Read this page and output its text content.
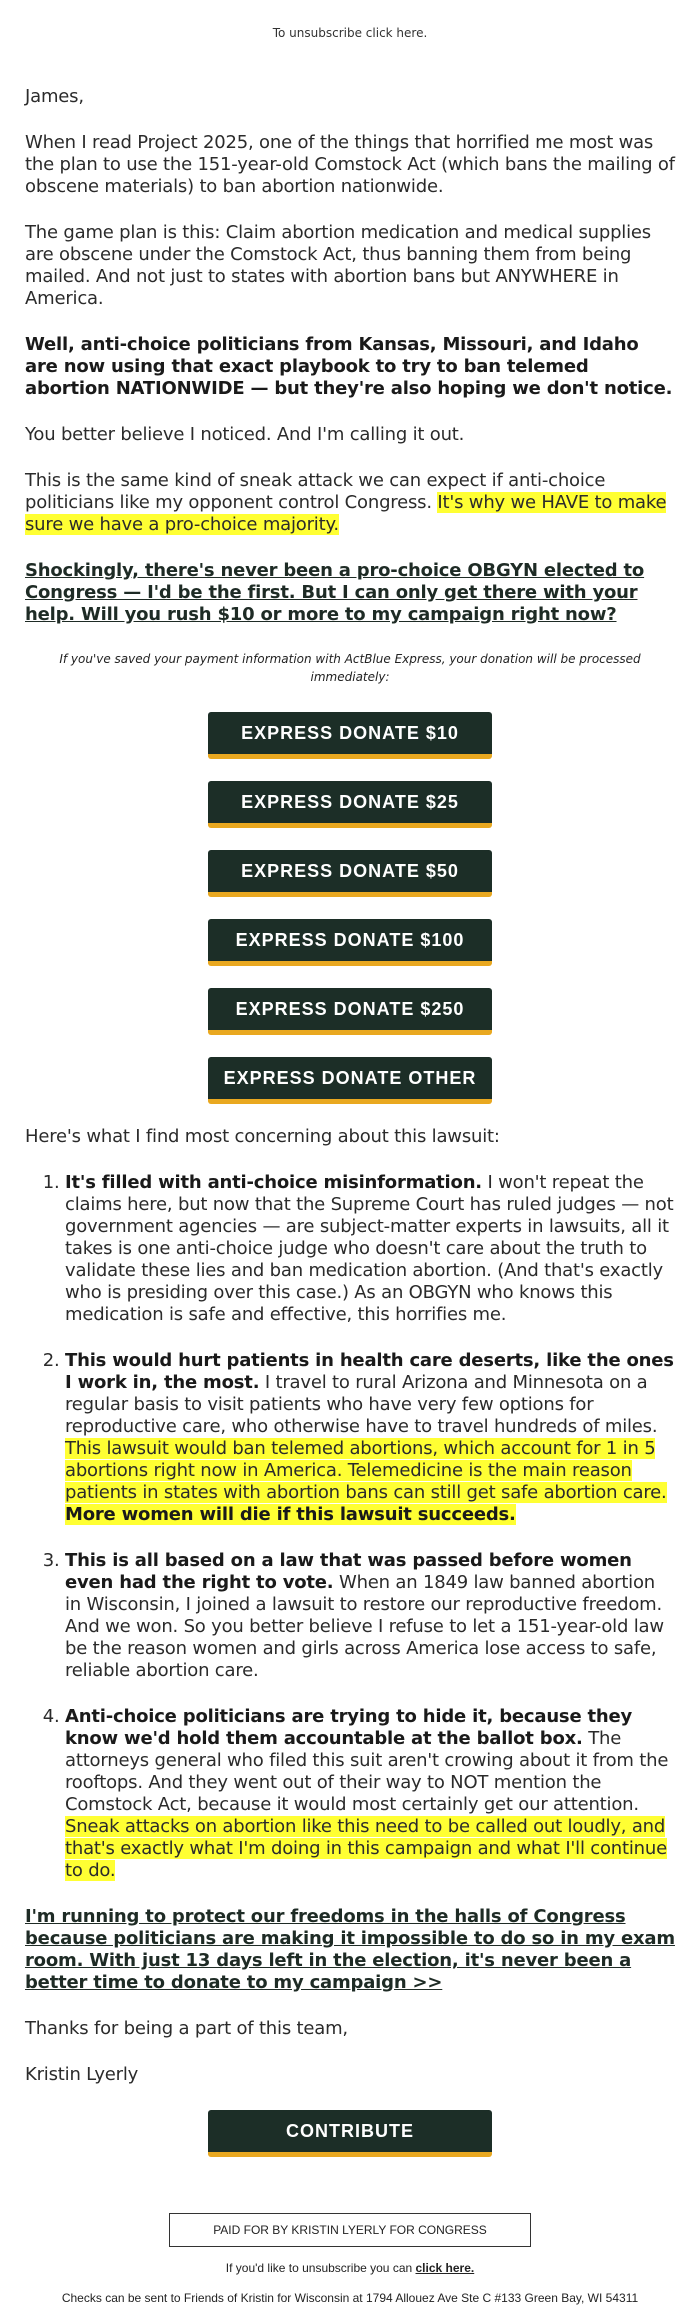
To unsubscribe click here.

James,

When I read Project 2025, one of the things that horrified me most was the plan to use the 151-year-old Comstock Act (which bans the mailing of obscene materials) to ban abortion nationwide.

The game plan is this: Claim abortion medication and medical supplies are obscene under the Comstock Act, thus banning them from being mailed. And not just to states with abortion bans but ANYWHERE in America.

Well, anti-choice politicians from Kansas, Missouri, and Idaho are now using that exact playbook to try to ban telemed abortion NATIONWIDE — but they're also hoping we don't notice.

You better believe I noticed. And I'm calling it out.

This is the same kind of sneak attack we can expect if anti-choice politicians like my opponent control Congress. It's why we HAVE to make sure we have a pro-choice majority.

Shockingly, there's never been a pro-choice OBGYN elected to Congress — I'd be the first. But I can only get there with your help. Will you rush $10 or more to my campaign right now?

If you've saved your payment information with ActBlue Express, your donation will be processed immediately:
EXPRESS DONATE $10
EXPRESS DONATE $25
EXPRESS DONATE $50
EXPRESS DONATE $100
EXPRESS DONATE $250
EXPRESS DONATE OTHER

Here's what I find most concerning about this lawsuit:

1. It's filled with anti-choice misinformation. I won't repeat the claims here, but now that the Supreme Court has ruled judges — not government agencies — are subject-matter experts in lawsuits, all it takes is one anti-choice judge who doesn't care about the truth to validate these lies and ban medication abortion. (And that's exactly who is presiding over this case.) As an OBGYN who knows this medication is safe and effective, this horrifies me.
2. This would hurt patients in health care deserts, like the ones I work in, the most. I travel to rural Arizona and Minnesota on a regular basis to visit patients who have very few options for reproductive care, who otherwise have to travel hundreds of miles. This lawsuit would ban telemed abortions, which account for 1 in 5 abortions right now in America. Telemedicine is the main reason patients in states with abortion bans can still get safe abortion care. More women will die if this lawsuit succeeds.
3. This is all based on a law that was passed before women even had the right to vote. When an 1849 law banned abortion in Wisconsin, I joined a lawsuit to restore our reproductive freedom. And we won. So you better believe I refuse to let a 151-year-old law be the reason women and girls across America lose access to safe, reliable abortion care.
4. Anti-choice politicians are trying to hide it, because they know we'd hold them accountable at the ballot box. The attorneys general who filed this suit aren't crowing about it from the rooftops. And they went out of their way to NOT mention the Comstock Act, because it would most certainly get our attention. Sneak attacks on abortion like this need to be called out loudly, and that's exactly what I'm doing in this campaign and what I'll continue to do.

I'm running to protect our freedoms in the halls of Congress because politicians are making it impossible to do so in my exam room. With just 13 days left in the election, it's never been a better time to donate to my campaign >>

Thanks for being a part of this team,

Kristin Lyerly

CONTRIBUTE
PAID FOR BY KRISTIN LYERLY FOR CONGRESS
If you'd like to unsubscribe you can click here.
Checks can be sent to Friends of Kristin for Wisconsin at 1794 Allouez Ave Ste C #133 Green Bay, WI 54311
